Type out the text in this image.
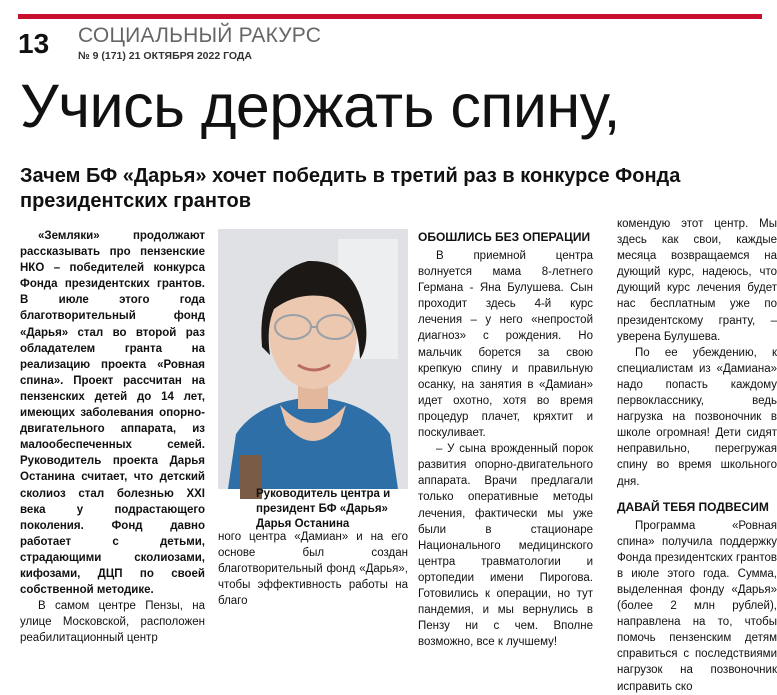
13 СОЦИАЛЬНЫЙ РАКУРС
№ 9 (171) 21 ОКТЯБРЯ 2022 ГОДА
Учись держать спину,
Зачем БФ «Дарья» хочет победить в третий раз в конкурсе Фонда президентских грантов

«Земляки» продолжают рассказывать про пензенские НКО – победителей конкурса Фонда президентских грантов. В июле этого года благотворительный фонд «Дарья» стал во второй раз обладателем гранта на реализацию проекта «Ровная спина». Проект рассчитан на пензенских детей до 14 лет, имеющих заболевания опорно-двигательного аппарата, из малообеспеченных семей. Руководитель проекта Дарья Останина считает, что детский сколиоз стал болезнью XXI века у подрастающего поколения. Фонд давно работает с детьми, страдающими сколиозами, кифозами, ДЦП по своей собственной методике.

В самом центре Пензы, на улице Московской, расположен реабилитационный центр

Руководитель центра и президент БФ «Дарья» Дарья Останина
ного центра «Дамиан» и на его основе был создан благотворительный фонд «Дарья», чтобы эффективность работы на благо

ОБОШЛИСЬ БЕЗ ОПЕРАЦИИ

В приемной центра волнуется мама 8-летнего Германа - Яна Булушева. Сын проходит здесь 4-й курс лечения – у него «непростой диагноз» с рождения. Но мальчик борется за свою крепкую спину и правильную осанку, на занятия в «Дамиан» идет охотно, хотя во время процедур плачет, кряхтит и поскуливает.

– У сына врожденный порок развития опорно-двигательного аппарата. Врачи предлагали только оперативные методы лечения, фактически мы уже были в стационаре Национального медицинского центра травматологии и ортопедии имени Пирогова. Готовились к операции, но тут пандемия, и мы вернулись в Пензу ни с чем. Вполне возможно, все к лучшему!

комендую этот центр. Мы здесь как свои, каждые месяца возвращаемся на дующий курс, надеюсь, что дующий курс лечения будет нас бесплатным уже по президентскому гранту, – уверена Булушева.

По ее убеждению, к специалистам из «Дамиана» надо попасть каждому первокласснику, ведь нагрузка на позвоночник в школе огромная! Дети сидят неправильно, перегружая спину во время школьного дня.

ДАВАЙ ТЕБЯ ПОДВЕСИМ

Программа «Ровная спина» получила поддержку Фонда президентских грантов в июле этого года. Сумма, выделенная фонду «Дарья» (более 2 млн рублей), направлена на то, чтобы помочь пензенским детям справиться с последствиями нагрузок на позвоночник исправить ско
